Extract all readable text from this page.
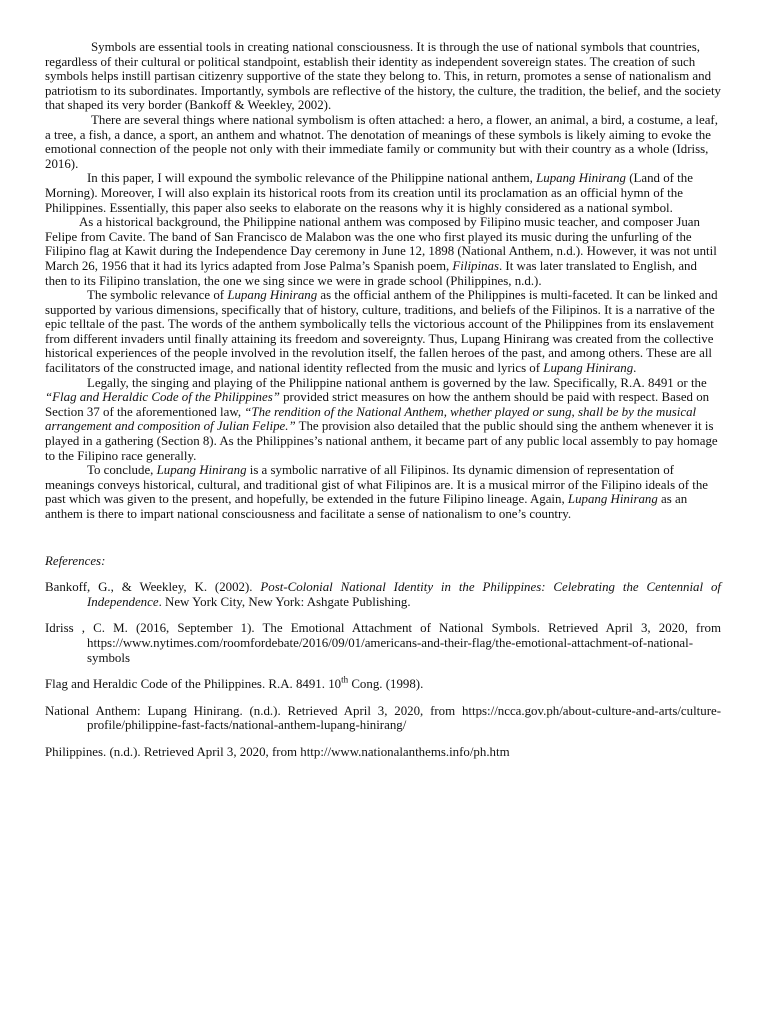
Symbols are essential tools in creating national consciousness. It is through the use of national symbols that countries, regardless of their cultural or political standpoint, establish their identity as independent sovereign states. The creation of such symbols helps instill partisan citizenry supportive of the state they belong to. This, in return, promotes a sense of nationalism and patriotism to its subordinates. Importantly, symbols are reflective of the history, the culture, the tradition, the belief, and the society that shaped its very border (Bankoff & Weekley, 2002).

There are several things where national symbolism is often attached: a hero, a flower, an animal, a bird, a costume, a leaf, a tree, a fish, a dance, a sport, an anthem and whatnot. The denotation of meanings of these symbols is likely aiming to evoke the emotional connection of the people not only with their immediate family or community but with their country as a whole (Idriss, 2016).

In this paper, I will expound the symbolic relevance of the Philippine national anthem, Lupang Hinirang (Land of the Morning). Moreover, I will also explain its historical roots from its creation until its proclamation as an official hymn of the Philippines. Essentially, this paper also seeks to elaborate on the reasons why it is highly considered as a national symbol.

As a historical background, the Philippine national anthem was composed by Filipino music teacher, and composer Juan Felipe from Cavite. The band of San Francisco de Malabon was the one who first played its music during the unfurling of the Filipino flag at Kawit during the Independence Day ceremony in June 12, 1898 (National Anthem, n.d.). However, it was not until March 26, 1956 that it had its lyrics adapted from Jose Palma’s Spanish poem, Filipinas. It was later translated to English, and then to its Filipino translation, the one we sing since we were in grade school (Philippines, n.d.).

The symbolic relevance of Lupang Hinirang as the official anthem of the Philippines is multi-faceted. It can be linked and supported by various dimensions, specifically that of history, culture, traditions, and beliefs of the Filipinos. It is a narrative of the epic telltale of the past. The words of the anthem symbolically tells the victorious account of the Philippines from its enslavement from different invaders until finally attaining its freedom and sovereignty. Thus, Lupang Hinirang was created from the collective historical experiences of the people involved in the revolution itself, the fallen heroes of the past, and among others. These are all facilitators of the constructed image, and national identity reflected from the music and lyrics of Lupang Hinirang.

Legally, the singing and playing of the Philippine national anthem is governed by the law. Specifically, R.A. 8491 or the “Flag and Heraldic Code of the Philippines” provided strict measures on how the anthem should be paid with respect. Based on Section 37 of the aforementioned law, “The rendition of the National Anthem, whether played or sung, shall be by the musical arrangement and composition of Julian Felipe.” The provision also detailed that the public should sing the anthem whenever it is played in a gathering (Section 8). As the Philippines’s national anthem, it became part of any public local assembly to pay homage to the Filipino race generally.

To conclude, Lupang Hinirang is a symbolic narrative of all Filipinos. Its dynamic dimension of representation of meanings conveys historical, cultural, and traditional gist of what Filipinos are. It is a musical mirror of the Filipino ideals of the past which was given to the present, and hopefully, be extended in the future Filipino lineage. Again, Lupang Hinirang as an anthem is there to impart national consciousness and facilitate a sense of nationalism to one’s country.

References:

Bankoff, G., & Weekley, K. (2002). Post-Colonial National Identity in the Philippines: Celebrating the Centennial of Independence. New York City, New York: Ashgate Publishing.

Idriss , C. M. (2016, September 1). The Emotional Attachment of National Symbols. Retrieved April 3, 2020, from https://www.nytimes.com/roomfordebate/2016/09/01/americans-and-their-flag/the-emotional-attachment-of-national-symbols

Flag and Heraldic Code of the Philippines. R.A. 8491. 10th Cong. (1998).

National Anthem: Lupang Hinirang. (n.d.). Retrieved April 3, 2020, from https://ncca.gov.ph/about-culture-and-arts/culture-profile/philippine-fast-facts/national-anthem-lupang-hinirang/

Philippines. (n.d.). Retrieved April 3, 2020, from http://www.nationalanthems.info/ph.htm
